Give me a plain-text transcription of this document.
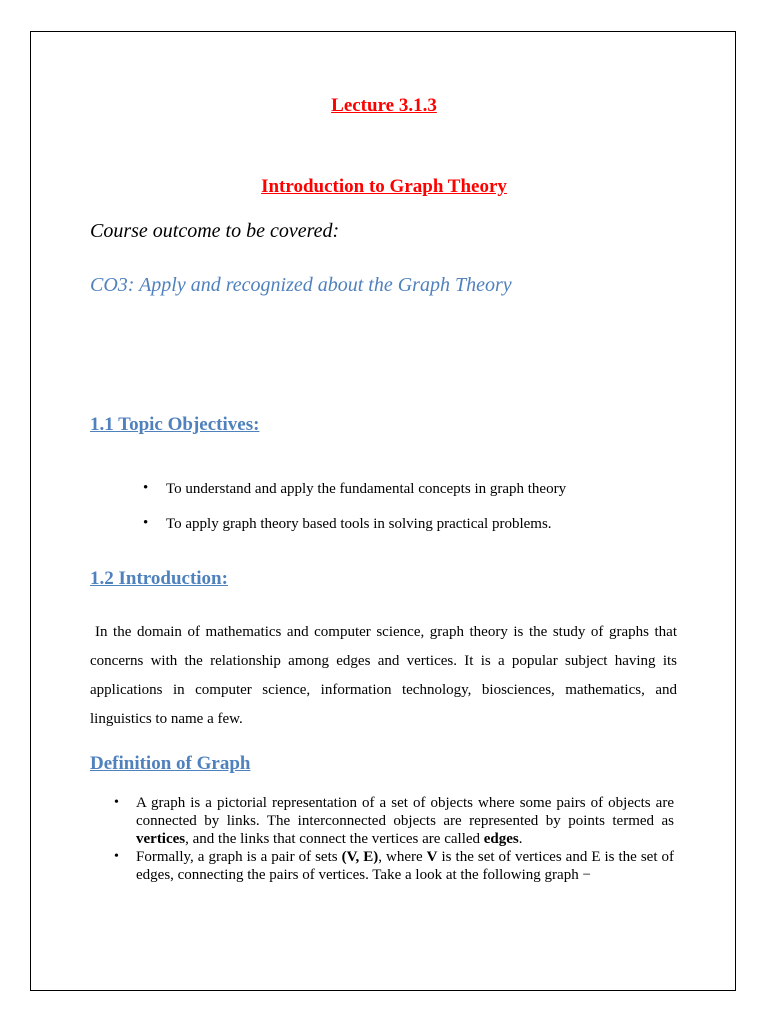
Lecture 3.1.3
Introduction to Graph Theory
Course outcome to be covered:
CO3: Apply and recognized about the Graph Theory
1.1 Topic Objectives:
• To understand and apply the fundamental concepts in graph theory
• To apply graph theory based tools in solving practical problems.
1.2 Introduction:

In the domain of mathematics and computer science, graph theory is the study of graphs that concerns with the relationship among edges and vertices. It is a popular subject having its applications in computer science, information technology, biosciences, mathematics, and linguistics to name a few.

Definition of Graph
• A graph is a pictorial representation of a set of objects where some pairs of objects are connected by links. The interconnected objects are represented by points termed as vertices, and the links that connect the vertices are called edges.
• Formally, a graph is a pair of sets (V, E), where V is the set of vertices and E is the set of edges, connecting the pairs of vertices. Take a look at the following graph −
